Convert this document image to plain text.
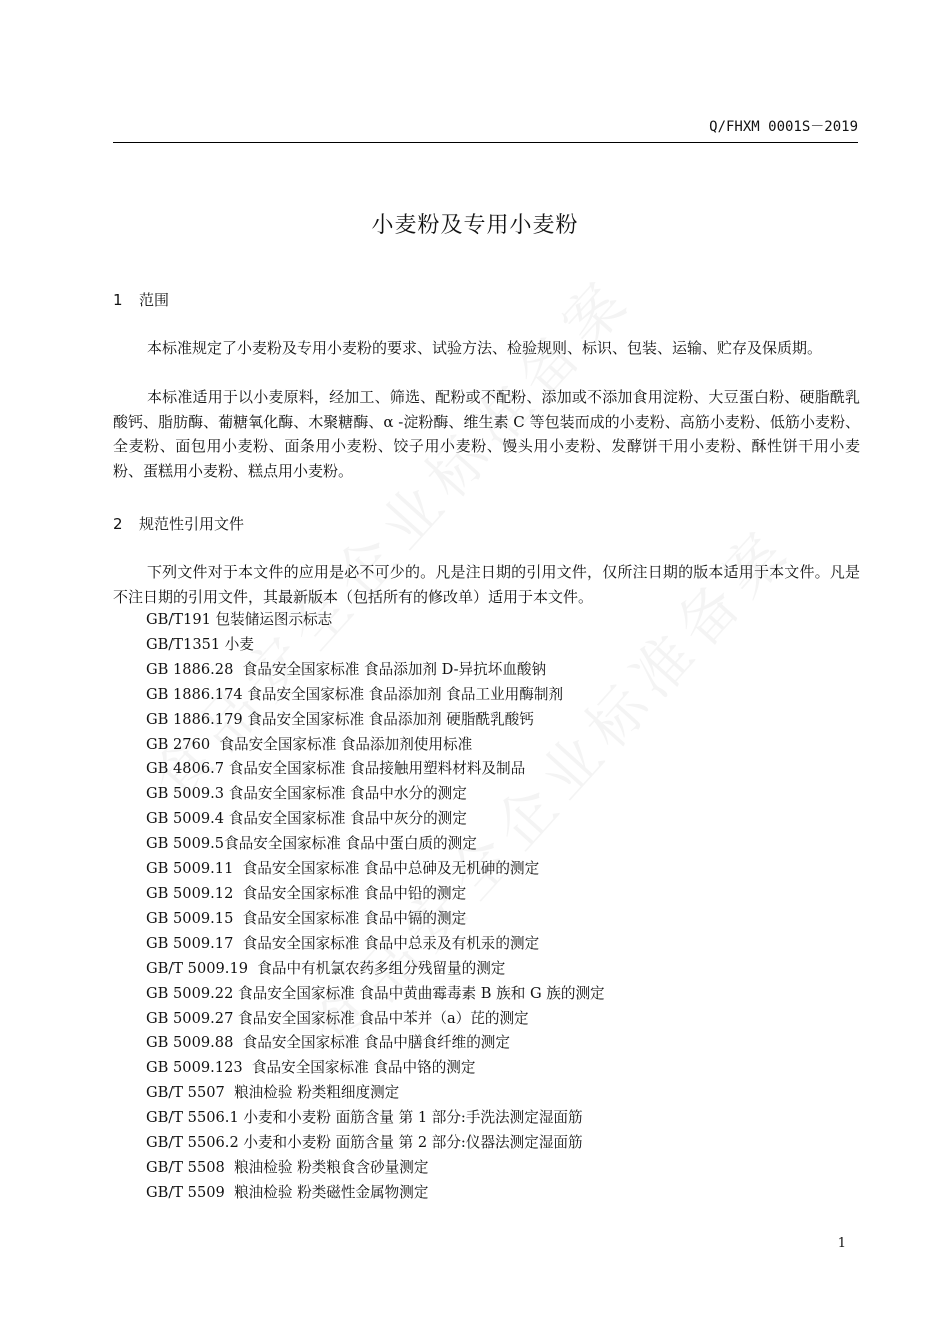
Q/FHXM 0001S－2019
小麦粉及专用小麦粉
1 范围

本标准规定了小麦粉及专用小麦粉的要求、试验方法、检验规则、标识、包装、运输、贮存及保质期。

本标准适用于以小麦原料，经加工、筛选、配粉或不配粉、添加或不添加食用淀粉、大豆蛋白粉、硬脂酰乳酸钙、脂肪酶、葡糖氧化酶、木聚糖酶、α -淀粉酶、维生素 C 等包装而成的小麦粉、高筋小麦粉、低筋小麦粉、全麦粉、面包用小麦粉、面条用小麦粉、饺子用小麦粉、馒头用小麦粉、发酵饼干用小麦粉、酥性饼干用小麦粉、蛋糕用小麦粉、糕点用小麦粉。

2 规范性引用文件

下列文件对于本文件的应用是必不可少的。凡是注日期的引用文件，仅所注日期的版本适用于本文件。凡是不注日期的引用文件，其最新版本（包括所有的修改单）适用于本文件。

GB/T191 包装储运图示标志
GB/T1351 小麦
GB 1886.28  食品安全国家标准 食品添加剂 D-异抗坏血酸钠
GB 1886.174 食品安全国家标准 食品添加剂 食品工业用酶制剂
GB 1886.179 食品安全国家标准 食品添加剂 硬脂酰乳酸钙
GB 2760  食品安全国家标准 食品添加剂使用标准
GB 4806.7 食品安全国家标准 食品接触用塑料材料及制品
GB 5009.3 食品安全国家标准 食品中水分的测定
GB 5009.4 食品安全国家标准 食品中灰分的测定
GB 5009.5食品安全国家标准 食品中蛋白质的测定
GB 5009.11  食品安全国家标准 食品中总砷及无机砷的测定
GB 5009.12  食品安全国家标准 食品中铅的测定
GB 5009.15  食品安全国家标准 食品中镉的测定
GB 5009.17  食品安全国家标准 食品中总汞及有机汞的测定
GB/T 5009.19  食品中有机氯农药多组分残留量的测定
GB 5009.22 食品安全国家标准 食品中黄曲霉毒素 B 族和 G 族的测定
GB 5009.27 食品安全国家标准 食品中苯并（a）芘的测定
GB 5009.88  食品安全国家标准 食品中膳食纤维的测定
GB 5009.123  食品安全国家标准 食品中铬的测定
GB/T 5507  粮油检验 粉类粗细度测定
GB/T 5506.1 小麦和小麦粉 面筋含量 第 1 部分:手洗法测定湿面筋
GB/T 5506.2 小麦和小麦粉 面筋含量 第 2 部分:仪器法测定湿面筋
GB/T 5508  粮油检验 粉类粮食含砂量测定
GB/T 5509  粮油检验 粉类磁性金属物测定
1
